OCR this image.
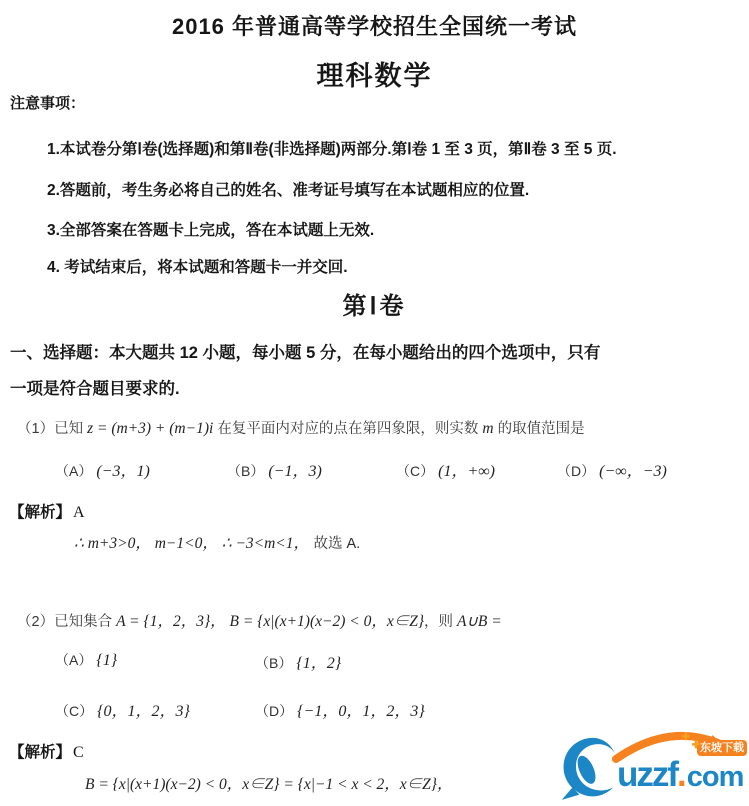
2016 年普通高等学校招生全国统一考试
理科数学
注意事项：
1.本试卷分第Ⅰ卷(选择题)和第Ⅱ卷(非选择题)两部分.第Ⅰ卷 1 至 3 页，第Ⅱ卷 3 至 5 页.
2.答题前，考生务必将自己的姓名、准考证号填写在本试题相应的位置.
3.全部答案在答题卡上完成，答在本试题上无效.
4. 考试结束后，将本试题和答题卡一并交回.
第Ⅰ卷
一、选择题：本大题共 12 小题，每小题 5 分，在每小题给出的四个选项中，只有
一项是符合题目要求的.
（1）已知 z = (m+3) + (m−1)i 在复平面内对应的点在第四象限，则实数 m 的取值范围是
（A） (−3，1)	（B） (−1，3)	（C） (1，+∞)	（D） (−∞，−3)
【解析】 A
∴ m+3>0， m−1<0， ∴ −3<m<1， 故选 A.
（2）已知集合 A = {1，2，3}， B = {x|(x+1)(x−2) < 0，x∈Z}，则 A∪B =
（A） {1}	（B） {1，2}
（C） {0，1，2，3}	（D） {−1，0，1，2，3}
【解析】 C
B = {x|(x+1)(x−2) < 0，x∈Z} = {x|−1 < x < 2，x∈Z}，	uzzf.com
东坡下载
✚
✚
